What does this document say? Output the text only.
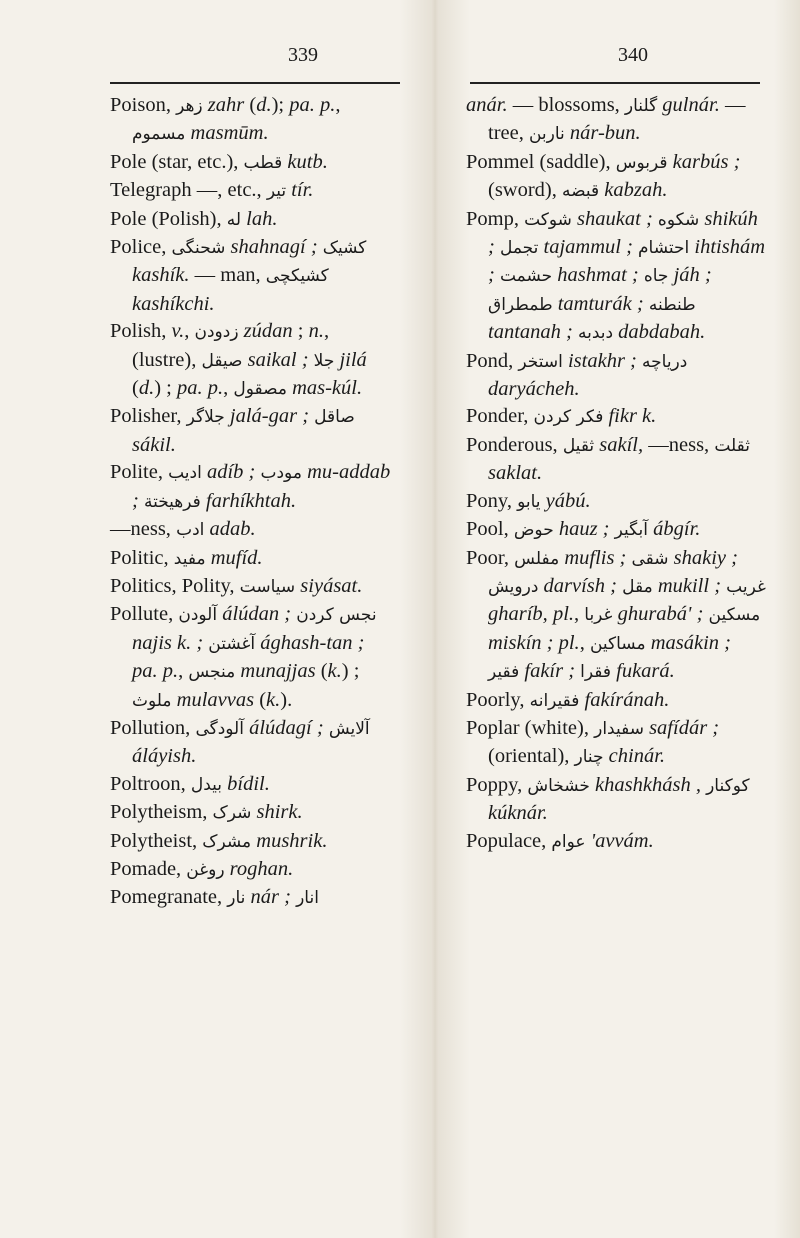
339	340

Poison, زهر zahr (d.); pa. p., مسموم masmūm.

Pole (star, etc.), قطب kutb.

Telegraph —, etc., تير tír.

Pole (Polish), له lah.

Police, شحنگی shahnagí ; کشيک kashík. — man, کشيکچی kashíkchi.

Polish, v., زدودن zúdan ; n., (lustre), صيقل saikal ; جلا jilá (d.) ; pa. p., مصقول mas-kúl.

Polisher, جلاگر jalá-gar ; صاقل sákil.

Polite, اديب adíb ; مودب mu-addab ; فرهيختة farhíkhtah.

—ness, ادب adab.

Politic, مفيد mufíd.

Politics, Polity, سياست siyásat.

Pollute, آلودن álúdan ; نجس کردن najis k. ; آغشتن ághash-tan ; pa. p., منجس munajjas (k.) ; ملوث mulavvas (k.).

Pollution, آلودگی álúdagí ; آلايش áláyish.

Poltroon, بيدل bídil.

Polytheism, شرک shirk.

Polytheist, مشرک mushrik.

Pomade, روغن roghan.

Pomegranate, نار nár ; انار

anár. — blossoms, گلنار gulnár. — tree, ناربن nár-bun.

Pommel (saddle), قربوس karbús ; (sword), قبضه kabzah.

Pomp, شوکت shaukat ; شکوه shikúh ; تجمل tajammul ; احتشام ihtishám ; حشمت hashmat ; جاه jáh ; طمطراق tamturák ; طنطنه tantanah ; دبدبه dabdabah.

Pond, استخر istakhr ; درياچه daryácheh.

Ponder, فکر کردن fikr k.

Ponderous, ثقيل sakíl, —ness, ثقلت saklat.

Pony, يابو yábú.

Pool, حوض hauz ; آبگير ábgír.

Poor, مفلس muflis ; شقی shakiy ; درويش darvísh ; مقل mukill ; غريب gharíb, pl., غربا ghurabá' ; مسکين miskín ; pl., مساکين masákin ; فقير fakír ; فقرا fukará.

Poorly, فقيرانه fakíránah.

Poplar (white), سفيدار safídár ; (oriental), چنار chinár.

Poppy, خشخاش khashkhásh , کوکنار kúknár.

Populace, عوام 'avvám.
